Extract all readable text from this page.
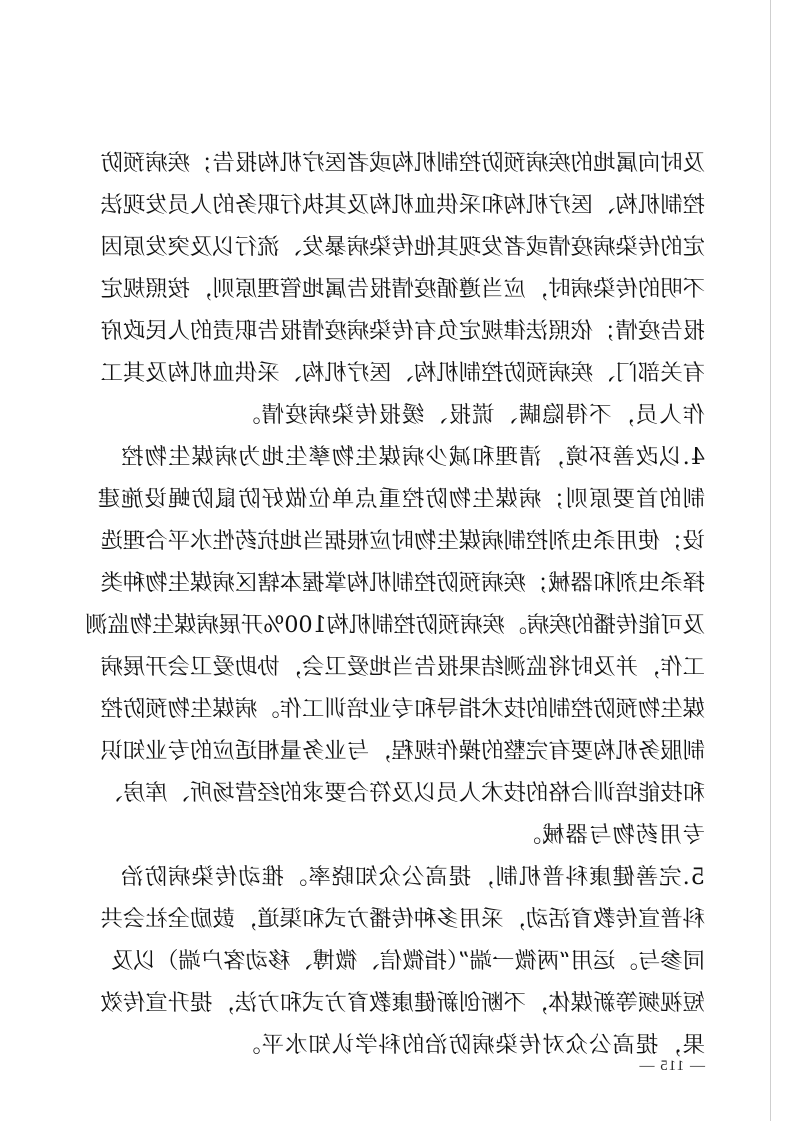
及时向属地的疾病预防控制机构或者医疗机构报告；疾病预防
控制机构、医疗机构和采供血机构及其执行职务的人员发现法
定的传染病疫情或者发现其他传染病暴发、流行以及突发原因
不明的传染病时，应当遵循疫情报告属地管理原则，按照规定
报告疫情；依照法律规定负有传染病疫情报告职责的人民政府
有关部门、疾病预防控制机构、医疗机构、采供血机构及其工
作人员，不得隐瞒、谎报、缓报传染病疫情。
4.以改善环境，清理和减少病媒生物孳生地为病媒生物控
制的首要原则；病媒生物防控重点单位做好防鼠防蝇设施建
设；使用杀虫剂控制病媒生物时应根据当地抗药性水平合理选
择杀虫剂和器械；疾病预防控制机构掌握本辖区病媒生物种类
及可能传播的疾病。疾病预防控制机构100%开展病媒生物监测
工作，并及时将监测结果报告当地爱卫会，协助爱卫会开展病
媒生物预防控制的技术指导和专业培训工作。病媒生物预防控
制服务机构要有完整的操作规程，与业务量相适应的专业知识
和技能培训合格的技术人员以及符合要求的经营场所、库房、
专用药物与器械。
5.完善健康科普机制，提高公众知晓率。推动传染病防治
科普宣传教育活动，采用多种传播方式和渠道，鼓励全社会共
同参与。运用“两微一端”（指微信、微博、移动客户端）以及
短视频等新媒体，不断创新健康教育方式和方法，提升宣传效
果，提高公众对传染病防治的科学认知水平。
— 115 —
